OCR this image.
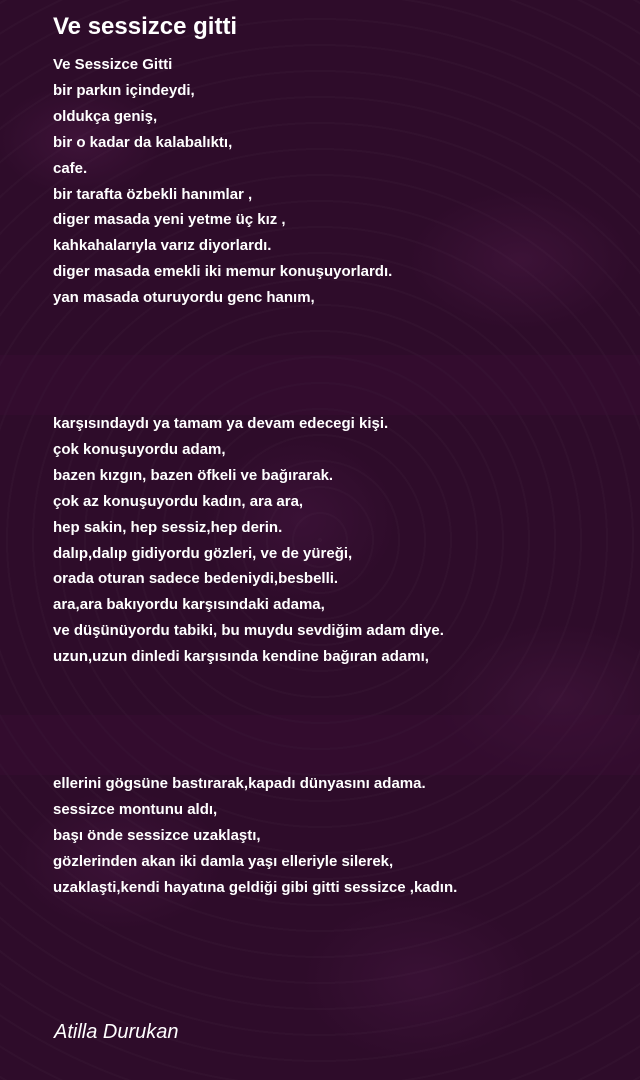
Ve sessizce gitti
Ve Sessizce Gitti
bir parkın içindeydi,
oldukça geniş,
bir o kadar da kalabalıktı,
cafe.
bir tarafta özbekli hanımlar ,
diger masada yeni yetme üç kız ,
kahkahalarıyla varız diyorlardı.
diger masada emekli iki memur konuşuyorlardı.
yan masada oturuyordu genc hanım,
karşısındaydı ya tamam ya devam edecegi kişi.
çok konuşuyordu adam,
bazen kızgın, bazen öfkeli ve bağırarak.
çok az konuşuyordu kadın, ara ara,
hep sakin, hep sessiz,hep derin.
dalıp,dalıp gidiyordu gözleri, ve de yüreği,
orada oturan sadece bedeniydi,besbelli.
ara,ara bakıyordu karşısındaki adama,
ve düşünüyordu tabiki, bu muydu sevdiğim adam diye.
uzun,uzun dinledi karşısında kendine bağıran adamı,
ellerini gögsüne bastırarak,kapadı dünyasını adama.
sessizce montunu aldı,
başı önde sessizce uzaklaştı,
gözlerinden akan iki damla yaşı elleriyle silerek,
uzaklaşti,kendi hayatına geldiği gibi gitti sessizce ,kadın.
Atilla Durukan
